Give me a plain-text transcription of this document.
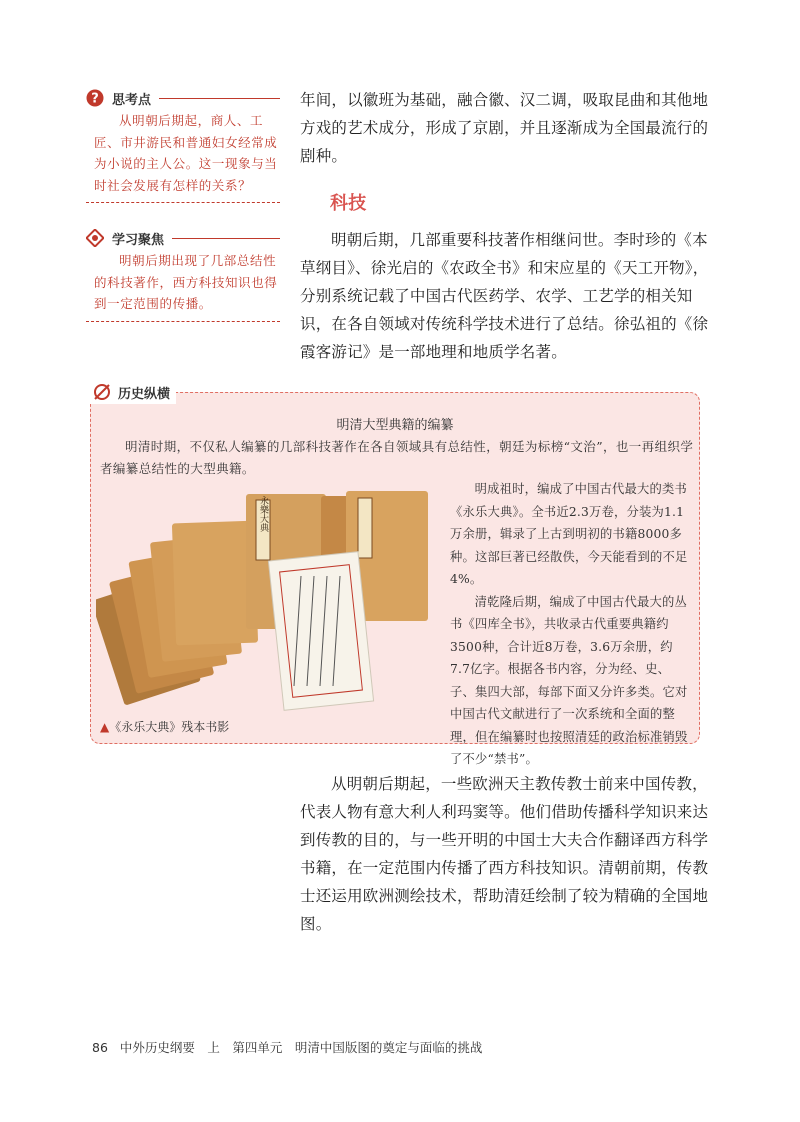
? 思考点

从明朝后期起，商人、工匠、市井游民和普通妇女经常成为小说的主人公。这一现象与当时社会发展有怎样的关系？

学习聚焦

明朝后期出现了几部总结性的科技著作，西方科技知识也得到一定范围的传播。

年间，以徽班为基础，融合徽、汉二调，吸取昆曲和其他地方戏的艺术成分，形成了京剧，并且逐渐成为全国最流行的剧种。

科技

明朝后期，几部重要科技著作相继问世。李时珍的《本草纲目》、徐光启的《农政全书》和宋应星的《天工开物》，分别系统记载了中国古代医药学、农学、工艺学的相关知识，在各自领域对传统科学技术进行了总结。徐弘祖的《徐霞客游记》是一部地理和地质学名著。

历史纵横
明清大型典籍的编纂
明清时期，不仅私人编纂的几部科技著作在各自领域具有总结性，朝廷为标榜“文治”，也一再组织学者编纂总结性的大型典籍。
永樂大典

明成祖时，编成了中国古代最大的类书《永乐大典》。全书近2.3万卷，分装为1.1万余册，辑录了上古到明初的书籍8000多种。这部巨著已经散佚，今天能看到的不足4%。

清乾隆后期，编成了中国古代最大的丛书《四库全书》，共收录古代重要典籍约3500种，合计近8万卷，3.6万余册，约7.7亿字。根据各书内容，分为经、史、子、集四大部，每部下面又分许多类。它对中国古代文献进行了一次系统和全面的整理，但在编纂时也按照清廷的政治标准销毁了不少“禁书”。

▲《永乐大典》残本书影

从明朝后期起，一些欧洲天主教传教士前来中国传教，代表人物有意大利人利玛窦等。他们借助传播科学知识来达到传教的目的，与一些开明的中国士大夫合作翻译西方科学书籍，在一定范围内传播了西方科技知识。清朝前期，传教士还运用欧洲测绘技术，帮助清廷绘制了较为精确的全国地图。

86 中外历史纲要　上　第四单元　明清中国版图的奠定与面临的挑战
